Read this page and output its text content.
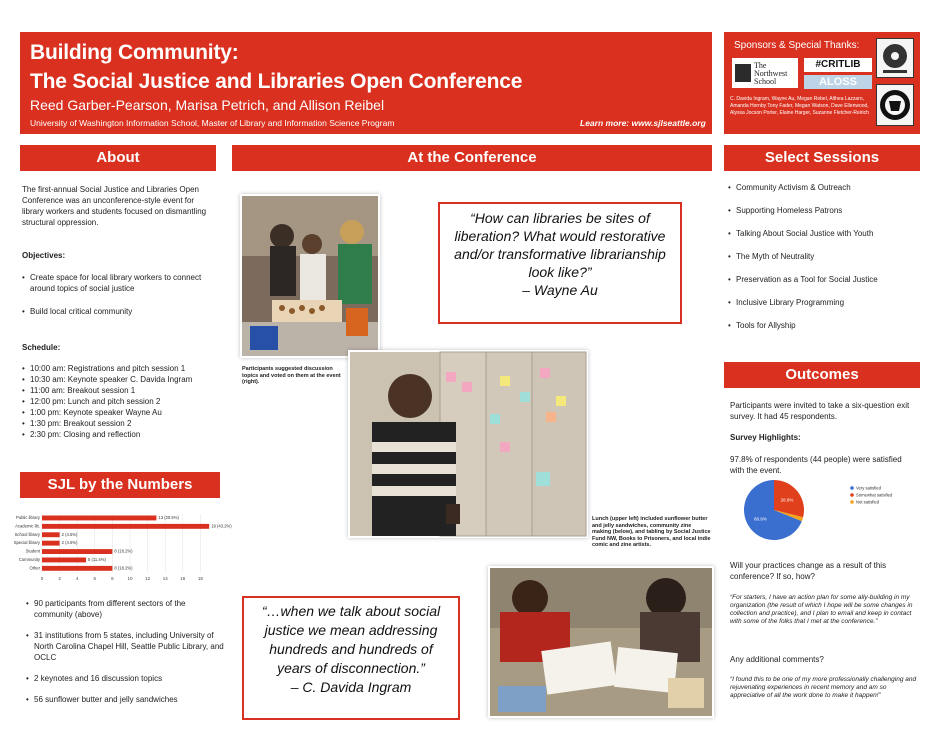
Building Community:
The Social Justice and Libraries Open Conference
Reed Garber-Pearson, Marisa Petrich, and Allison Reibel
University of Washington Information School, Master of Library and Information Science Program	Learn more: www.sjlseattle.org
Sponsors & Special Thanks:
The Northwest School
#CRITLIB
ALOSS
C. Davida Ingram, Wayne Au, Megan Rebel, Althea Lazzaro, Amanda Hornby Tony Fader, Megan Watson, Dave Ellenwood, Alyssa Jocson Porter, Elaine Harger, Suzanne Fletcher-Reirich
About
The first-annual Social Justice and Libraries Open Conference was an unconference-style event for library workers and students focused on dismantling structural oppression.
Objectives:
• Create space for local library workers to connect around topics of social justice
• Build local critical community
Schedule:
• 10:00 am: Registrations and pitch session 1
• 10:30 am: Keynote speaker C. Davida Ingram
• 11:00 am: Breakout session 1
• 12:00 pm: Lunch and pitch session 2
• 1:00 pm: Keynote speaker Wayne Au
• 1:30 pm: Breakout session 2
• 2:30 pm: Closing and reflection
SJL by the Numbers
0	2	4	6	8	10	12	14	16	18
Public library	13 (20.5%)
Academic lib.	19 (43.2%)
School library	2 (4.5%)
Special library	2 (4.5%)
Student	8 (18.2%)
Community	5 (11.4%)
Other	8 (18.2%)
• 90 participants from different sectors of the community (above)
• 31 institutions from 5 states, including University of North Carolina Chapel Hill, Seattle Public Library, and OCLC
• 2 keynotes and 16 discussion topics
• 56 sunflower butter and jelly sandwiches
At the Conference
Participants suggested discussion topics and voted on them at the event (right).
“How can libraries be sites of liberation? What would restorative and/or transformative librarianship look like?”
– Wayne Au
Lunch (upper left) included sunflower butter and jelly sandwiches, community zine making (below), and tabling by Social Justice Fund NW, Books to Prisoners, and local indie comic and zine artists.
“…when we talk about social justice we mean addressing hundreds and hundreds of years of disconnection.”
– C. Davida Ingram
Select Sessions
• Community Activism & Outreach
• Supporting Homeless Patrons
• Talking About Social Justice with Youth
• The Myth of Neutrality
• Preservation as a Tool for Social Justice
• Inclusive Library Programming
• Tools for Allyship
Outcomes
Participants were invited to take a six-question exit survey. It had 45 respondents.
Survey Highlights:
97.8% of respondents (44 people) were satisfied with the event.
28.9%
68.9%
Very satisfied
Somewhat satisfied
Not satisfied
Will your practices change as a result of this conference? If so, how?
“For starters, I have an action plan for some ally-building in my organization (the result of which I hope will be some changes in collection and practice), and I plan to email and keep in contact with some of the folks that I met at the conference.”
Any additional comments?
“I found this to be one of my more professionally challenging and rejuvenating experiences in recent memory and am so appreciative of all the work done to make it happen!”
